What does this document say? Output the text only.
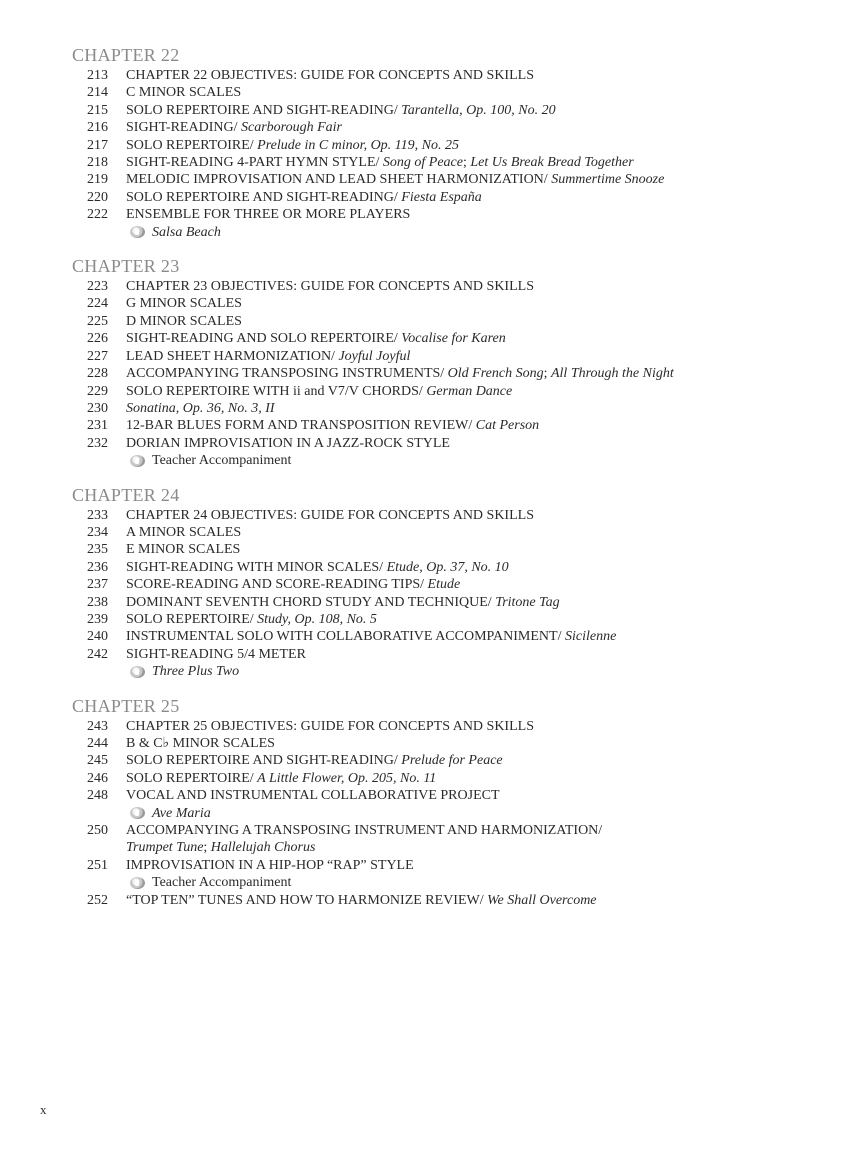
CHAPTER 22
213	CHAPTER 22 OBJECTIVES: GUIDE FOR CONCEPTS AND SKILLS
214	C MINOR SCALES
215	SOLO REPERTOIRE AND SIGHT-READING/ Tarantella, Op. 100, No. 20
216	SIGHT-READING/ Scarborough Fair
217	SOLO REPERTOIRE/ Prelude in C minor, Op. 119, No. 25
218	SIGHT-READING 4-PART HYMN STYLE/ Song of Peace; Let Us Break Bread Together
219	MELODIC IMPROVISATION AND LEAD SHEET HARMONIZATION/ Summertime Snooze
220	SOLO REPERTOIRE AND SIGHT-READING/ Fiesta España
222	ENSEMBLE FOR THREE OR MORE PLAYERS
Salsa Beach
CHAPTER 23
223	CHAPTER 23 OBJECTIVES: GUIDE FOR CONCEPTS AND SKILLS
224	G MINOR SCALES
225	D MINOR SCALES
226	SIGHT-READING AND SOLO REPERTOIRE/ Vocalise for Karen
227	LEAD SHEET HARMONIZATION/ Joyful Joyful
228	ACCOMPANYING TRANSPOSING INSTRUMENTS/ Old French Song; All Through the Night
229	SOLO REPERTOIRE WITH ii and V7/V CHORDS/ German Dance
230	Sonatina, Op. 36, No. 3, II
231	12-BAR BLUES FORM AND TRANSPOSITION REVIEW/ Cat Person
232	DORIAN IMPROVISATION IN A JAZZ-ROCK STYLE
Teacher Accompaniment
CHAPTER 24
233	CHAPTER 24 OBJECTIVES: GUIDE FOR CONCEPTS AND SKILLS
234	A MINOR SCALES
235	E MINOR SCALES
236	SIGHT-READING WITH MINOR SCALES/ Etude, Op. 37, No. 10
237	SCORE-READING AND SCORE-READING TIPS/ Etude
238	DOMINANT SEVENTH CHORD STUDY AND TECHNIQUE/ Tritone Tag
239	SOLO REPERTOIRE/ Study, Op. 108, No. 5
240	INSTRUMENTAL SOLO WITH COLLABORATIVE ACCOMPANIMENT/ Sicilenne
242	SIGHT-READING 5/4 METER
Three Plus Two
CHAPTER 25
243	CHAPTER 25 OBJECTIVES: GUIDE FOR CONCEPTS AND SKILLS
244	B & C♭ MINOR SCALES
245	SOLO REPERTOIRE AND SIGHT-READING/ Prelude for Peace
246	SOLO REPERTOIRE/ A Little Flower, Op. 205, No. 11
248	VOCAL AND INSTRUMENTAL COLLABORATIVE PROJECT
Ave Maria
250	ACCOMPANYING A TRANSPOSING INSTRUMENT AND HARMONIZATION/
Trumpet Tune; Hallelujah Chorus
251	IMPROVISATION IN A HIP-HOP “RAP” STYLE
Teacher Accompaniment
252	“TOP TEN” TUNES AND HOW TO HARMONIZE REVIEW/ We Shall Overcome
x
